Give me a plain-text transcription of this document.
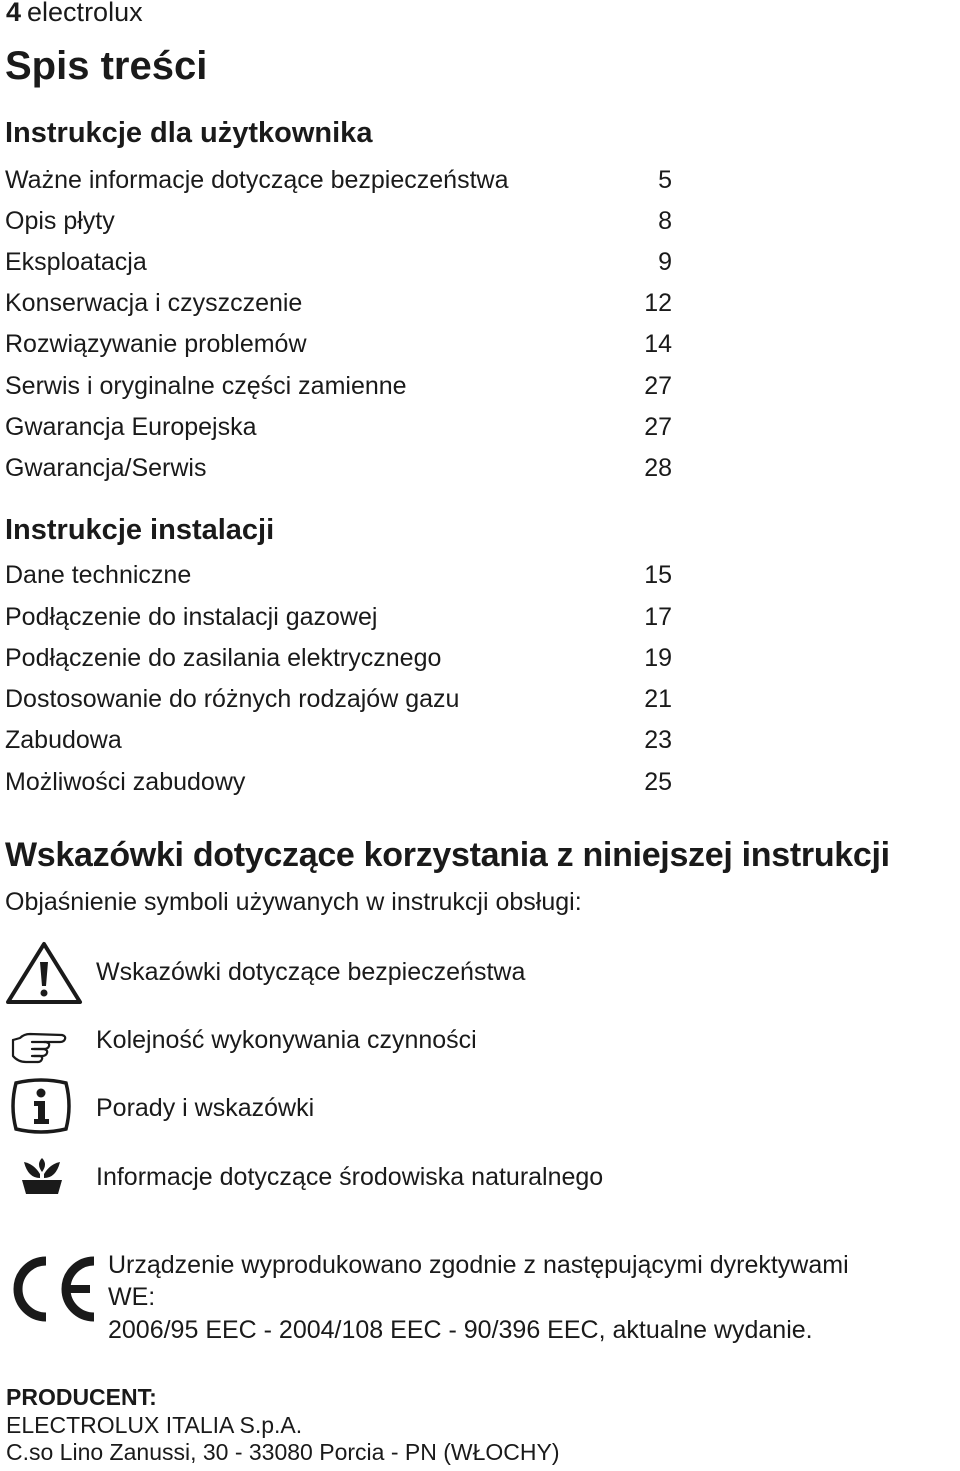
4 electrolux
Spis treści
Instrukcje dla użytkownika
Ważne informacje dotyczące bezpieczeństwa	5
Opis płyty	8
Eksploatacja	9
Konserwacja i czyszczenie	12
Rozwiązywanie problemów	14
Serwis i oryginalne części zamienne	27
Gwarancja Europejska	27
Gwarancja/Serwis	28
Instrukcje instalacji
Dane techniczne	15
Podłączenie do instalacji gazowej	17
Podłączenie do zasilania elektrycznego	19
Dostosowanie do różnych rodzajów gazu	21
Zabudowa	23
Możliwości zabudowy	25
Wskazówki dotyczące korzystania z niniejszej instrukcji
Objaśnienie symboli używanych w instrukcji obsługi:
Wskazówki dotyczące bezpieczeństwa
Kolejność wykonywania czynności
Porady i wskazówki
Informacje dotyczące środowiska naturalnego
Urządzenie wyprodukowano zgodnie z następującymi dyrektywami
WE:
2006/95 EEC - 2004/108 EEC - 90/396 EEC, aktualne wydanie.
PRODUCENT:
ELECTROLUX ITALIA S.p.A.
C.so Lino Zanussi, 30 - 33080 Porcia - PN (WŁOCHY)
